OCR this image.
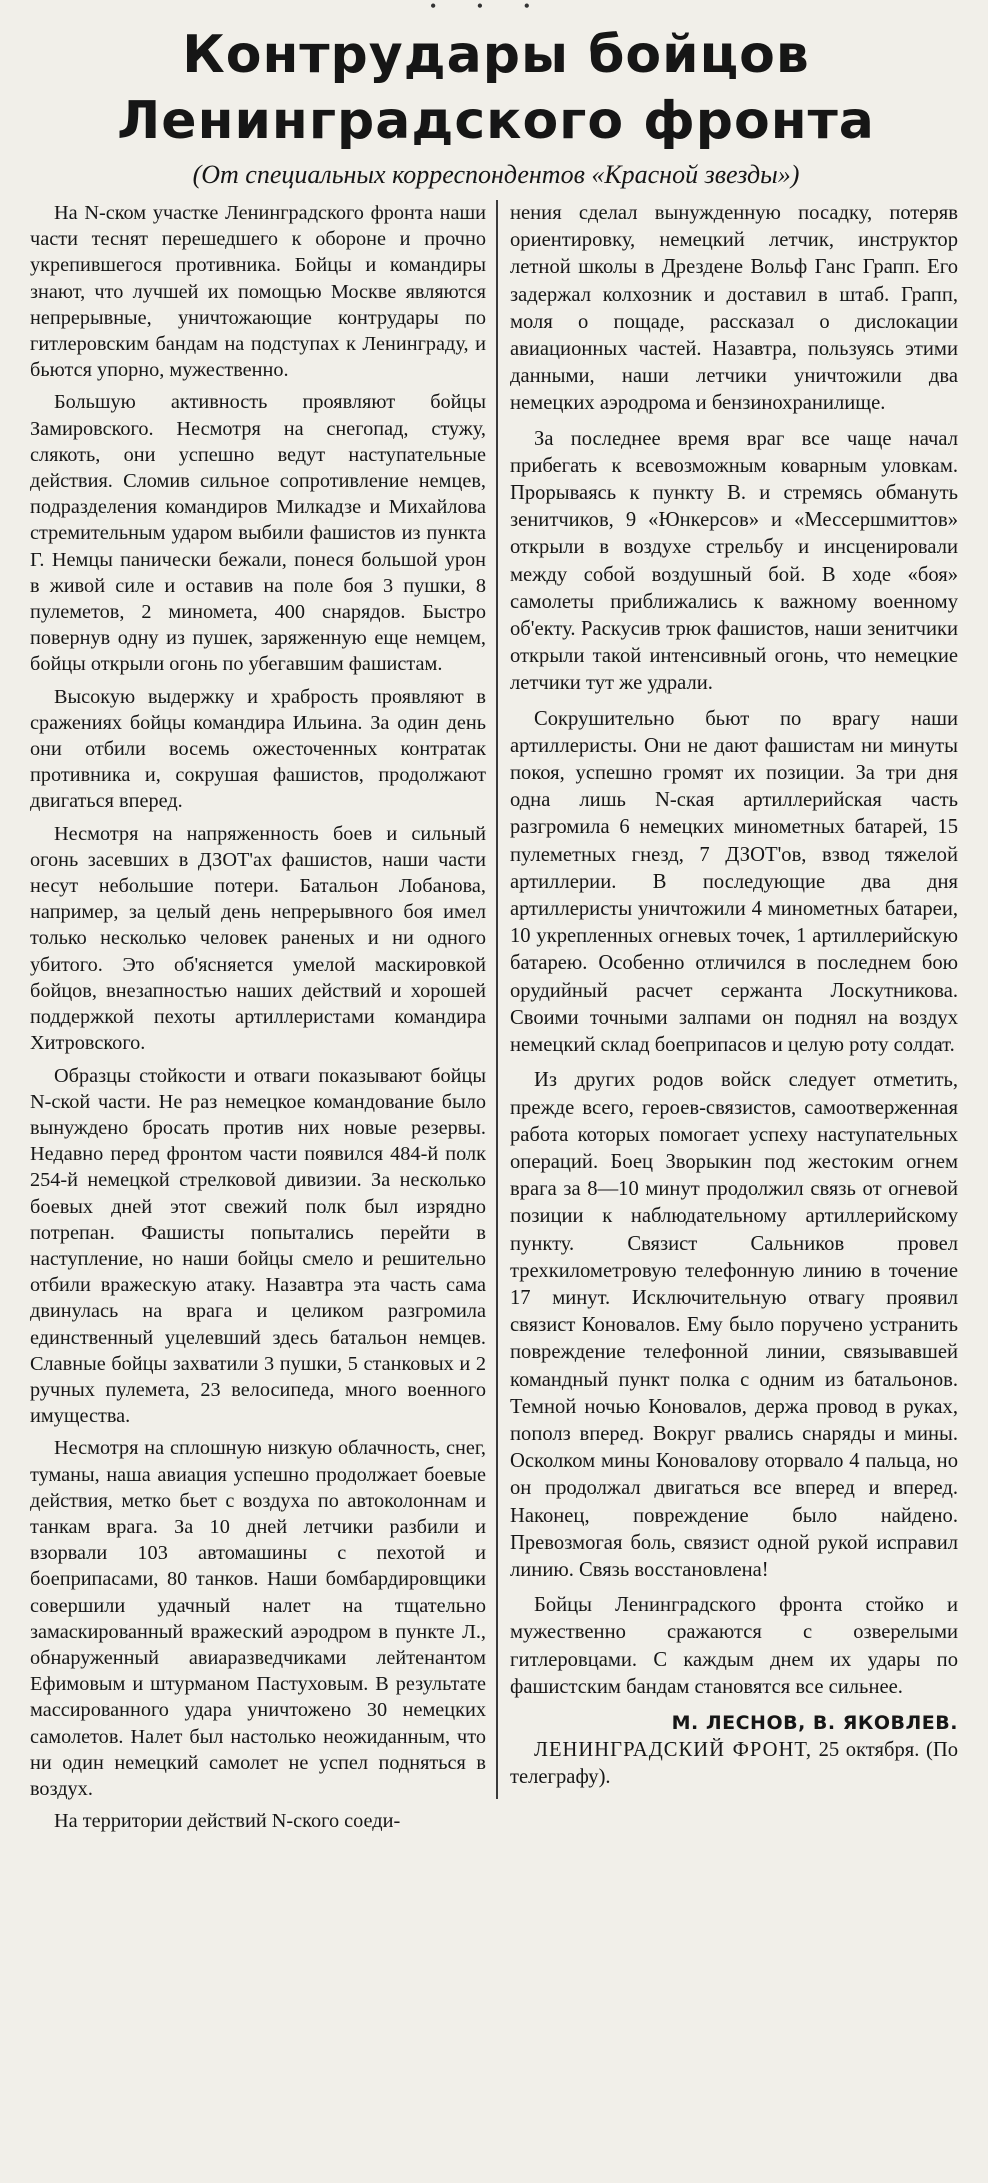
• • •
Контрудары бойцов
Ленинградского фронта
(От специальных корреспондентов «Красной звезды»)

На N-ском участке Ленинградского фронта наши части теснят перешедшего к обороне и прочно укрепившегося противника. Бойцы и командиры знают, что лучшей их помощью Москве являются непрерывные, уничтожающие контрудары по гитлеровским бандам на подступах к Ленинграду, и бьются упорно, мужественно.

Большую активность проявляют бойцы Замировского. Несмотря на снегопад, стужу, слякоть, они успешно ведут наступательные действия. Сломив сильное сопротивление немцев, подразделения командиров Милкадзе и Михайлова стремительным ударом выбили фашистов из пункта Г. Немцы панически бежали, понеся большой урон в живой силе и оставив на поле боя 3 пушки, 8 пулеметов, 2 миномета, 400 снарядов. Быстро повернув одну из пушек, заряженную еще немцем, бойцы открыли огонь по убегавшим фашистам.

Высокую выдержку и храбрость проявляют в сражениях бойцы командира Ильина. За один день они отбили восемь ожесточенных контратак противника и, сокрушая фашистов, продолжают двигаться вперед.

Несмотря на напряженность боев и сильный огонь засевших в ДЗОТ'ах фашистов, наши части несут небольшие потери. Батальон Лобанова, например, за целый день непрерывного боя имел только несколько человек раненых и ни одного убитого. Это об'ясняется умелой маскировкой бойцов, внезапностью наших действий и хорошей поддержкой пехоты артиллеристами командира Хитровского.

Образцы стойкости и отваги показывают бойцы N-ской части. Не раз немецкое командование было вынуждено бросать против них новые резервы. Недавно перед фронтом части появился 484-й полк 254-й немецкой стрелковой дивизии. За несколько боевых дней этот свежий полк был изрядно потрепан. Фашисты попытались перейти в наступление, но наши бойцы смело и решительно отбили вражескую атаку. Назавтра эта часть сама двинулась на врага и целиком разгромила единственный уцелевший здесь батальон немцев. Славные бойцы захватили 3 пушки, 5 станковых и 2 ручных пулемета, 23 велосипеда, много военного имущества.

Несмотря на сплошную низкую облачность, снег, туманы, наша авиация успешно продолжает боевые действия, метко бьет с воздуха по автоколоннам и танкам врага. За 10 дней летчики разбили и взорвали 103 автомашины с пехотой и боеприпасами, 80 танков. Наши бомбардировщики совершили удачный налет на тщательно замаскированный вражеский аэродром в пункте Л., обнаруженный авиаразведчиками лейтенантом Ефимовым и штурманом Пастуховым. В результате массированного удара уничтожено 30 немецких самолетов. Налет был настолько неожиданным, что ни один немецкий самолет не успел подняться в воздух.

На территории действий N-ского соеди-

нения сделал вынужденную посадку, потеряв ориентировку, немецкий летчик, инструктор летной школы в Дрездене Вольф Ганс Грапп. Его задержал колхозник и доставил в штаб. Грапп, моля о пощаде, рассказал о дислокации авиационных частей. Назавтра, пользуясь этими данными, наши летчики уничтожили два немецких аэродрома и бензинохранилище.

За последнее время враг все чаще начал прибегать к всевозможным коварным уловкам. Прорываясь к пункту В. и стремясь обмануть зенитчиков, 9 «Юнкерсов» и «Мессершмиттов» открыли в воздухе стрельбу и инсценировали между собой воздушный бой. В ходе «боя» самолеты приближались к важному военному об'екту. Раскусив трюк фашистов, наши зенитчики открыли такой интенсивный огонь, что немецкие летчики тут же удрали.

Сокрушительно бьют по врагу наши артиллеристы. Они не дают фашистам ни минуты покоя, успешно громят их позиции. За три дня одна лишь N-ская артиллерийская часть разгромила 6 немецких минометных батарей, 15 пулеметных гнезд, 7 ДЗОТ'ов, взвод тяжелой артиллерии. В последующие два дня артиллеристы уничтожили 4 минометных батареи, 10 укрепленных огневых точек, 1 артиллерийскую батарею. Особенно отличился в последнем бою орудийный расчет сержанта Лоскутникова. Своими точными залпами он поднял на воздух немецкий склад боеприпасов и целую роту солдат.

Из других родов войск следует отметить, прежде всего, героев-связистов, самоотверженная работа которых помогает успеху наступательных операций. Боец Зворыкин под жестоким огнем врага за 8—10 минут продолжил связь от огневой позиции к наблюдательному артиллерийскому пункту. Связист Сальников провел трехкилометровую телефонную линию в точение 17 минут. Исключительную отвагу проявил связист Коновалов. Ему было поручено устранить повреждение телефонной линии, связывавшей командный пункт полка с одним из батальонов. Темной ночью Коновалов, держа провод в руках, пополз вперед. Вокруг рвались снаряды и мины. Осколком мины Коновалову оторвало 4 пальца, но он продолжал двигаться все вперед и вперед. Наконец, повреждение было найдено. Превозмогая боль, связист одной рукой исправил линию. Связь восстановлена!

Бойцы Ленинградского фронта стойко и мужественно сражаются с озверелыми гитлеровцами. С каждым днем их удары по фашистским бандам становятся все сильнее.

М. ЛЕСНОВ, В. ЯКОВЛЕВ.

ЛЕНИНГРАДСКИЙ ФРОНТ, 25 октября. (По телеграфу).
